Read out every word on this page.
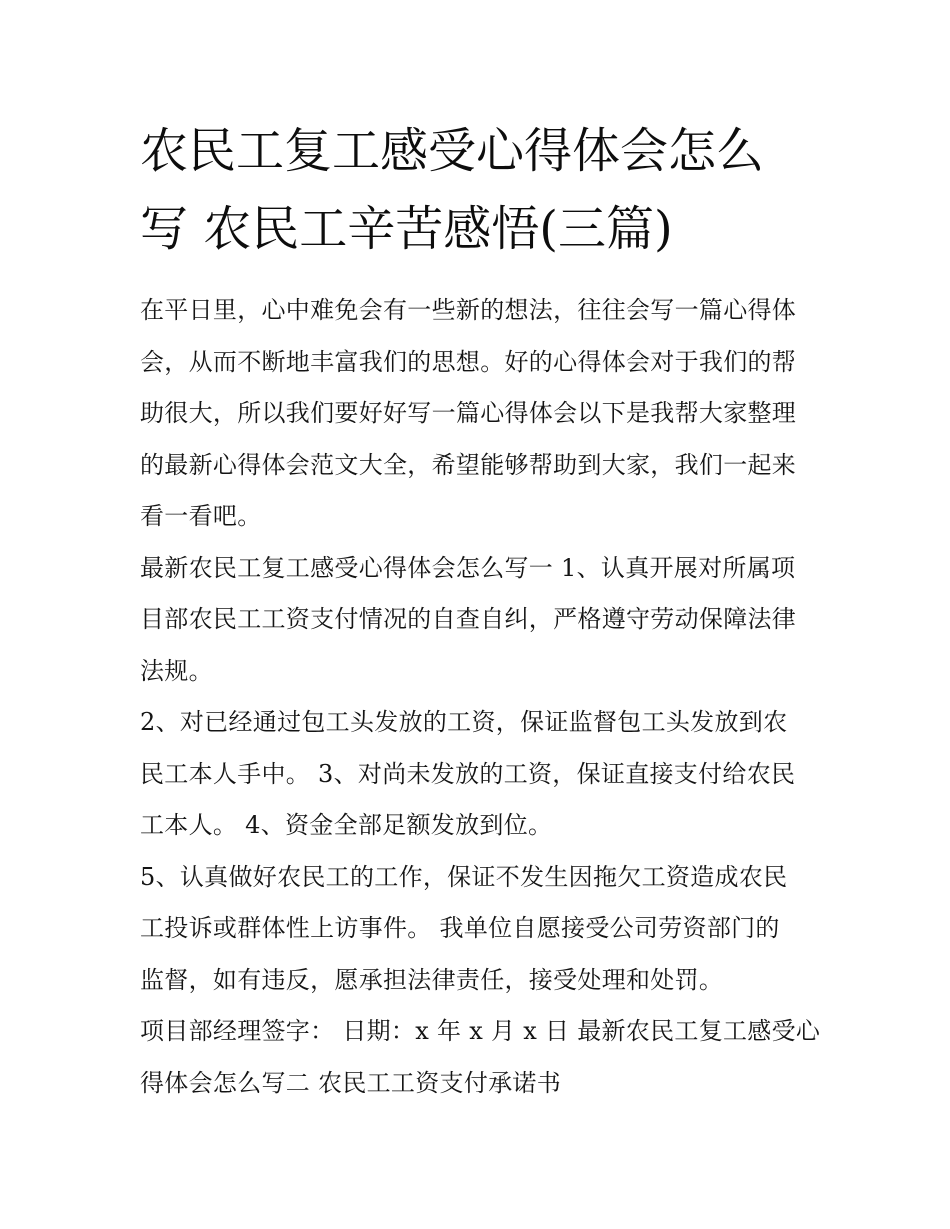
农民工复工感受心得体会怎么
写 农民工辛苦感悟(三篇)

在平日里，心中难免会有一些新的想法，往往会写一篇心得体
会，从而不断地丰富我们的思想。好的心得体会对于我们的帮
助很大，所以我们要好好写一篇心得体会以下是我帮大家整理
的最新心得体会范文大全，希望能够帮助到大家，我们一起来
看一看吧。

最新农民工复工感受心得体会怎么写一 1、认真开展对所属项
目部农民工工资支付情况的自查自纠，严格遵守劳动保障法律
法规。

2、对已经通过包工头发放的工资，保证监督包工头发放到农
民工本人手中。 3、对尚未发放的工资，保证直接支付给农民
工本人。 4、资金全部足额发放到位。

5、认真做好农民工的工作，保证不发生因拖欠工资造成农民
工投诉或群体性上访事件。 我单位自愿接受公司劳资部门的
监督，如有违反，愿承担法律责任，接受处理和处罚。

项目部经理签字： 日期：x 年 x 月 x 日 最新农民工复工感受心
得体会怎么写二 农民工工资支付承诺书
